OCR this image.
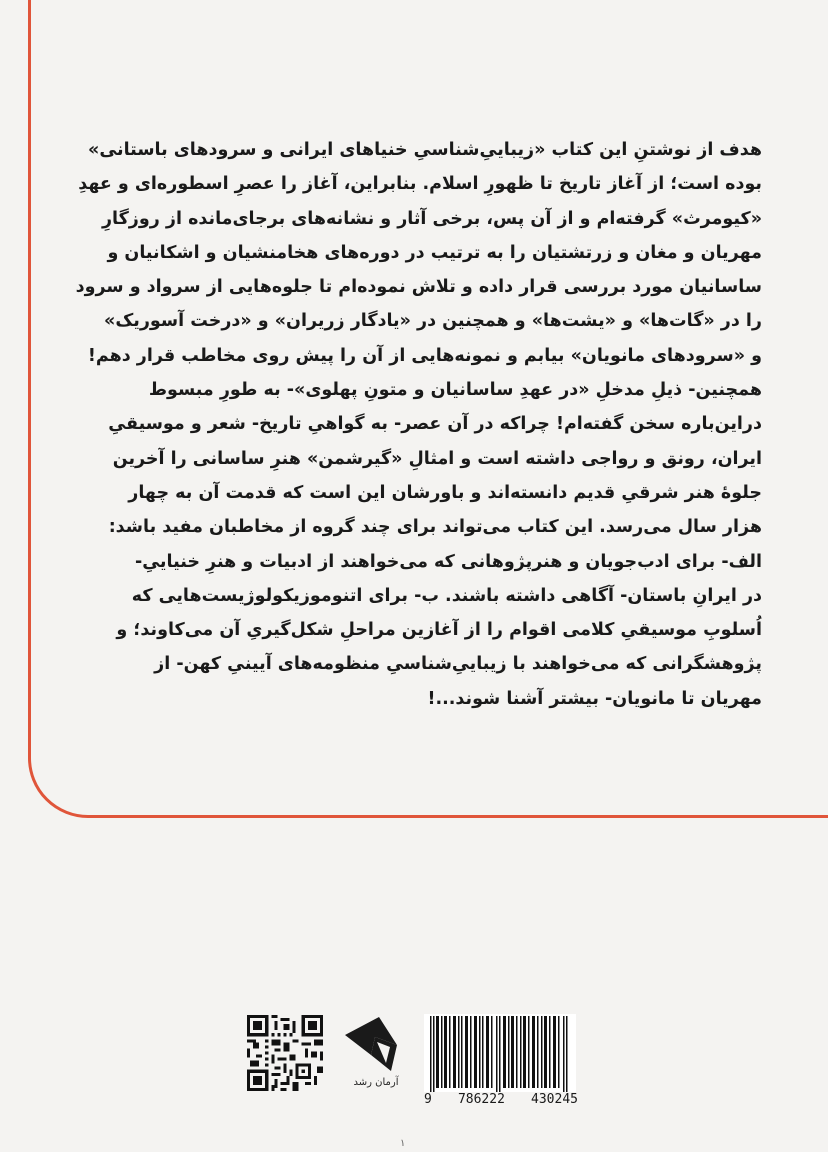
هدف از نوشتنِ این کتاب «زیباییِ‌شناسیِ خنیاهای ایرانی و سرودهای باستانی»
بوده است؛ از آغاز تاریخ تا ظهورِ اسلام. بنابراین، آغاز را عصرِ اسطوره‌ای و عهدِ
«کیومرث» گرفته‌ام و از آن پس، برخی آثار و نشانه‌های برجای‌مانده از روزگارِ
مهریان و مغان و زرتشتیان را به ترتیب در دوره‌های هخامنشیان و اشکانیان و
ساسانیان مورد بررسی قرار داده و تلاش نموده‌ام تا جلوه‌هایی از سرواد و سرود
را در «گات‌ها» و «یشت‌ها» و همچنین در «یادگار زریران» و «درخت آسوریک»
و «سرودهای مانویان» بیابم و نمونه‌هایی از آن را پیش روی مخاطب قرار دهم!
همچنین- ذیلِ مدخلِ «در عهدِ ساسانیان و متونِ پهلوی»- به طورِ مبسوط
دراین‌باره سخن گفته‌ام! چراکه در آن عصر- به گواهیِ تاریخ- شعر و موسیقیِ
ایران، رونق و رواجی داشته است و امثالِ «گیرشمن» هنرِ ساسانی را آخرین
جلوهٔ هنر شرقیِ قدیم دانسته‌اند و باورشان این است که قدمت آن به چهار
هزار سال می‌رسد. این کتاب می‌تواند برای چند گروه از مخاطبان مفید باشد:
الف- برای ادب‌جویان و هنرپژوهانی که می‌خواهند از ادبیات و هنرِ خنیاییِ-
در ایرانِ باستان- آگاهی داشته باشند. ب- برای اتنوموزیکولوژیست‌هایی که
اُسلوبِ موسیقیِ کلامی اقوام را از آغازین مراحلِ شکل‌گیریِ آن می‌کاوند؛ و
پژوهشگرانی که می‌خواهند با زیباییِ‌شناسیِ منظومه‌های آیینیِ کهن- از
مهریان تا مانویان- بیشتر آشنا شوند...!
آرمان رشد
9 786222 430245
١
